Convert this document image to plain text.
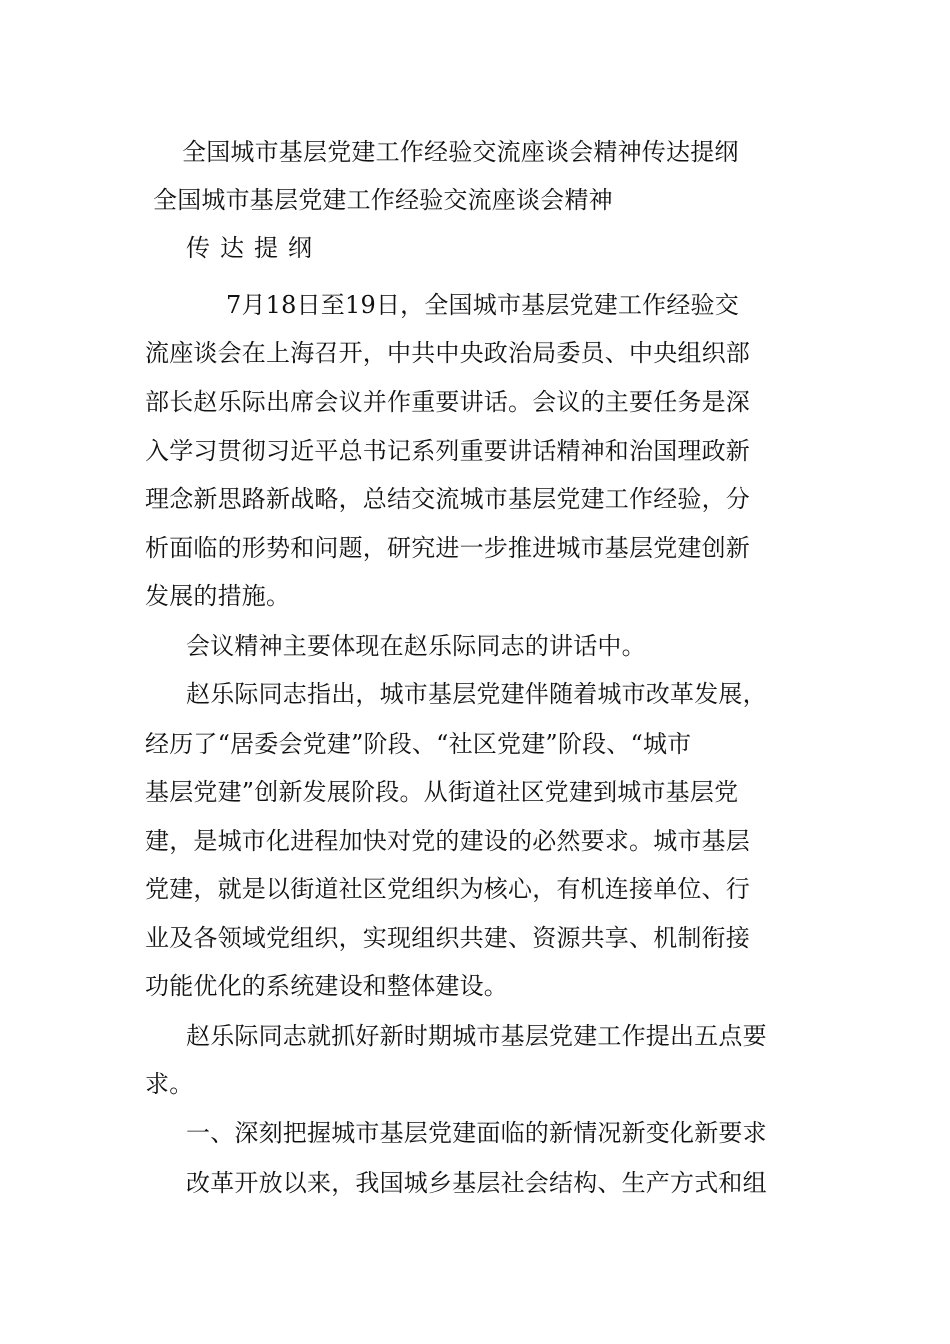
全国城市基层党建工作经验交流座谈会精神传达提纲
全国城市基层党建工作经验交流座谈会精神
传达提纲
7月18日至19日，全国城市基层党建工作经验交
流座谈会在上海召开，中共中央政治局委员、中央组织部
部长赵乐际出席会议并作重要讲话。会议的主要任务是深
入学习贯彻习近平总书记系列重要讲话精神和治国理政新
理念新思路新战略，总结交流城市基层党建工作经验，分
析面临的形势和问题，研究进一步推进城市基层党建创新
发展的措施。
会议精神主要体现在赵乐际同志的讲话中。
赵乐际同志指出，城市基层党建伴随着城市改革发展，
经历了“居委会党建”阶段、“社区党建”阶段、“城市
基层党建”创新发展阶段。从街道社区党建到城市基层党
建，是城市化进程加快对党的建设的必然要求。城市基层
党建，就是以街道社区党组织为核心，有机连接单位、行
业及各领域党组织，实现组织共建、资源共享、机制衔接
功能优化的系统建设和整体建设。
赵乐际同志就抓好新时期城市基层党建工作提出五点要
求。
一、深刻把握城市基层党建面临的新情况新变化新要求
改革开放以来，我国城乡基层社会结构、生产方式和组
